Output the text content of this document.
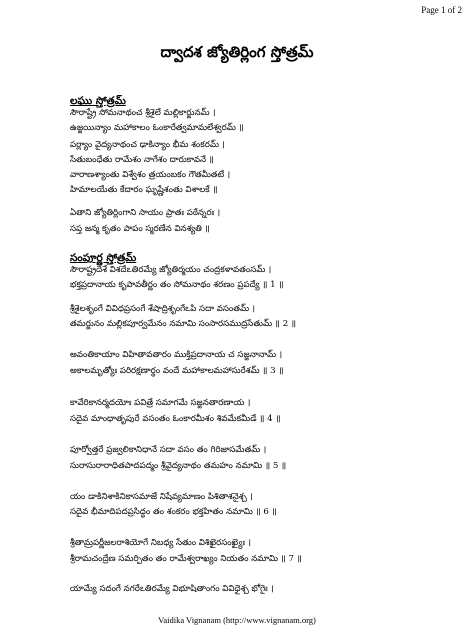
Page 1 of 2
ద్వాదశ జ్యోతిర్లింగ స్తోత్రమ్
లఘు స్తోత్రమ్
సౌరాష్ట్రే సోమనాథంచ శ్రీశైలే మల్లికార్జునమ్ ।
ఉజ్జయిన్యాం మహాకాలం ఓంకారేత్వమామలేశ్వరమ్ ॥
పర్ల్యాం వైద్యనాథంచ ఢాకిన్యాం భీమ శంకరమ్ ।
సేతుబంధేతు రామేశం నాగేశం దారుకావనే ॥
వారాణశ్యాంతు విశ్వేశం త్రయంబకం గౌతమీతటే ।
హిమాలయేతు కేదారం ఘృష్ణేశంతు విశాలకే ॥
ఏతాని జ్యోతిర్లింగాని సాయం ప్రాతః పఠేన్నరః ।
సప్త జన్మ కృతం పాపం స్మరణేన వినశ్యతి ॥
సంపూర్ణ స్తోత్రమ్
సౌరాష్ట్రదేశే విశదేఽతిరమ్యే జ్యోతిర్మయం చంద్రకళావతంసమ్ ।
భక్తప్రదానాయ కృపావతీర్ణం తం సోమనాథం శరణం ప్రపద్యే ॥ 1 ॥
శ్రీశైలశృంగే వివిధప్రసంగే శేషాద్రిశృంగేఽపి సదా వసంతమ్ ।
తమర్జునం మల్లికపూర్వమేనం నమామి సంసారసముద్రసేతుమ్ ॥ 2 ॥
అవంతికాయాం విహితావతారం ముక్తిప్రదానాయ చ సజ్జనానామ్ ।
అకాలమృత్యోః పరిరక్షణార్థం వందే మహాకాలమహాసురేశమ్ ॥ 3 ॥
కావేరికానర్మదయోః పవిత్రే సమాగమే సజ్జనతారణాయ ।
సదైవ మాంధాతృపురే వసంతం ఓంకారమీశం శివమేకమీడే ॥ 4 ॥
పూర్వోత్తరే ప్రజ్వలికానిధానే సదా వసం తం గిరిజాసమేతమ్ ।
సురాసురారాధితపాదపద్మం శ్రీవైద్యనాథం తమహం నమామి ॥ 5 ॥
యం డాకినిశాకినికాసమాజే నిషేవ్యమాణం పిశితాశనైశ్చ ।
సదైవ భీమాదిపదప్రసిద్ధం తం శంకరం భక్తహితం నమామి ॥ 6 ॥
శ్రీతామ్రపర్ణీజలరాశియోగే నిబధ్య సేతుం విశిఖైరసంఖ్యైః ।
శ్రీరామచంద్రేణ సమర్పితం తం రామేశ్వరాఖ్యం నియతం నమామి ॥ 7 ॥
యామ్యే సదంగే నగరేఽతిరమ్యే విభూషితాంగం వివిధైశ్చ భోగైః ।
Vaidika Vignanam (http://www.vignanam.org)
